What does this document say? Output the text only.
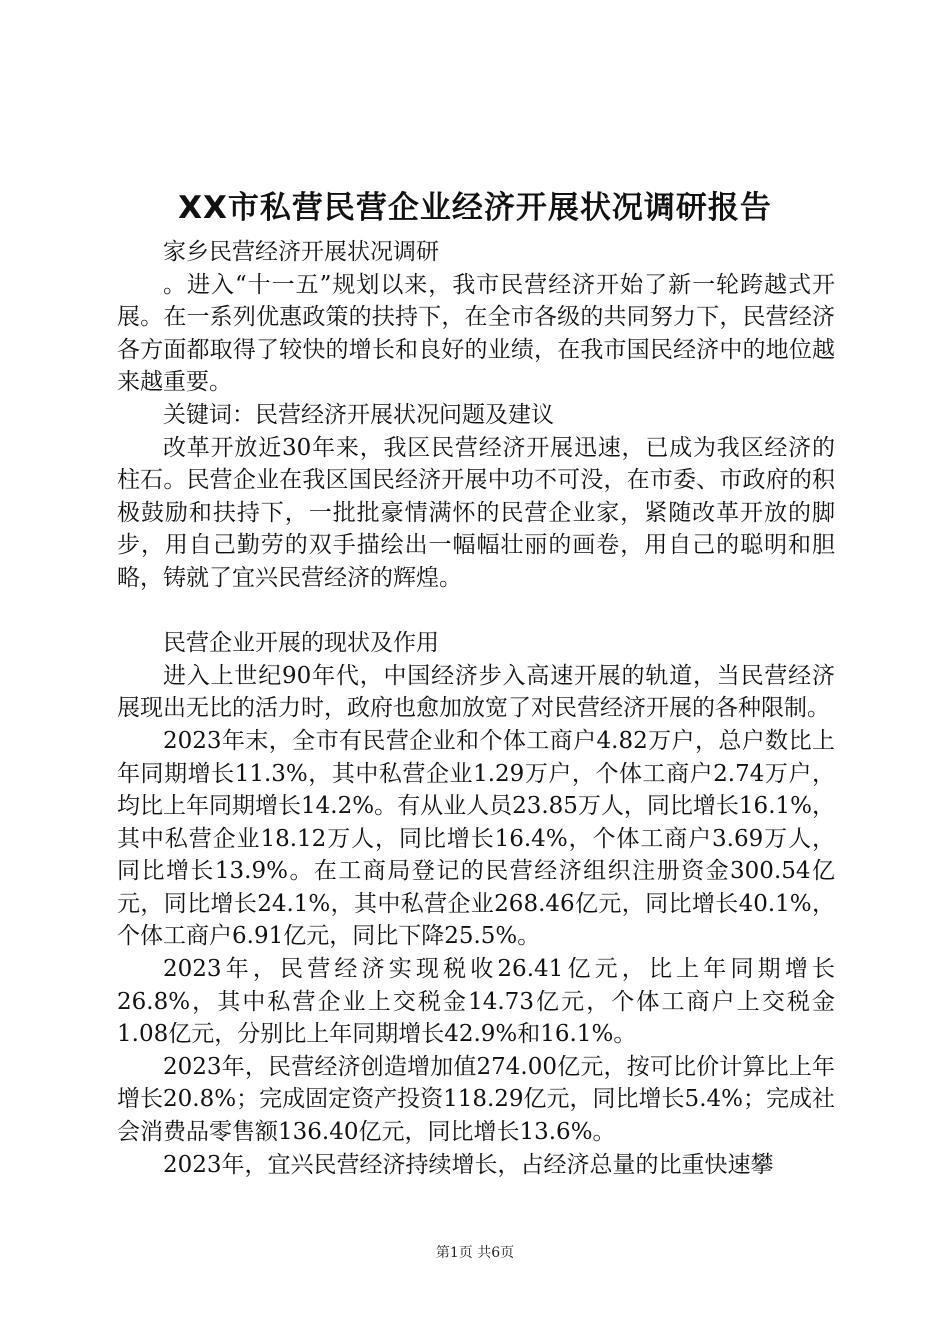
XX市私营民营企业经济开展状况调研报告

家乡民营经济开展状况调研

。进入“十一五”规划以来，我市民营经济开始了新一轮跨越式开展。在一系列优惠政策的扶持下，在全市各级的共同努力下，民营经济各方面都取得了较快的增长和良好的业绩，在我市国民经济中的地位越来越重要。

关键词：民营经济开展状况问题及建议

改革开放近30年来，我区民营经济开展迅速，已成为我区经济的柱石。民营企业在我区国民经济开展中功不可没，在市委、市政府的积极鼓励和扶持下，一批批豪情满怀的民营企业家，紧随改革开放的脚步，用自己勤劳的双手描绘出一幅幅壮丽的画卷，用自己的聪明和胆略，铸就了宜兴民营经济的辉煌。

民营企业开展的现状及作用

进入上世纪90年代，中国经济步入高速开展的轨道，当民营经济展现出无比的活力时，政府也愈加放宽了对民营经济开展的各种限制。

2023年末，全市有民营企业和个体工商户4.82万户，总户数比上年同期增长11.3%，其中私营企业1.29万户，个体工商户2.74万户，均比上年同期增长14.2%。有从业人员23.85万人，同比增长16.1%，其中私营企业18.12万人，同比增长16.4%，个体工商户3.69万人，同比增长13.9%。在工商局登记的民营经济组织注册资金300.54亿元，同比增长24.1%，其中私营企业268.46亿元，同比增长40.1%，个体工商户6.91亿元，同比下降25.5%。

2023年，民营经济实现税收26.41亿元，比上年同期增长26.8%，其中私营企业上交税金14.73亿元，个体工商户上交税金1.08亿元，分别比上年同期增长42.9%和16.1%。

2023年，民营经济创造增加值274.00亿元，按可比价计算比上年增长20.8%；完成固定资产投资118.29亿元，同比增长5.4%；完成社会消费品零售额136.40亿元，同比增长13.6%。

2023年，宜兴民营经济持续增长，占经济总量的比重快速攀

第1页 共6页
